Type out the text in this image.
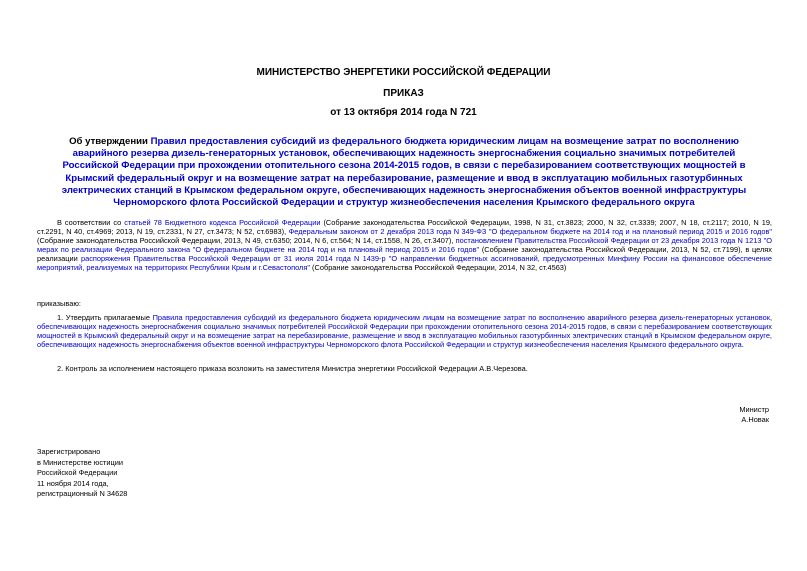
МИНИСТЕРСТВО ЭНЕРГЕТИКИ РОССИЙСКОЙ ФЕДЕРАЦИИ
ПРИКАЗ
от 13 октября 2014 года N 721
Об утверждении Правил предоставления субсидий из федерального бюджета юридическим лицам на возмещение затрат по восполнению аварийного резерва дизель-генераторных установок, обеспечивающих надежность энергоснабжения социально значимых потребителей Российской Федерации при прохождении отопительного сезона 2014-2015 годов, в связи с перебазированием соответствующих мощностей в Крымский федеральный округ и на возмещение затрат на перебазирование, размещение и ввод в эксплуатацию мобильных газотурбинных электрических станций в Крымском федеральном округе, обеспечивающих надежность энергоснабжения объектов военной инфраструктуры Черноморского флота Российской Федерации и структур жизнеобеспечения населения Крымского федерального округа
В соответствии со статьей 78 Бюджетного кодекса Российской Федерации (Собрание законодательства Российской Федерации, 1998, N 31, ст.3823; 2000, N 32, ст.3339; 2007, N 18, ст.2117; 2010, N 19, ст.2291, N 40, ст.4969; 2013, N 19, ст.2331, N 27, ст.3473; N 52, ст.6983), Федеральным законом от 2 декабря 2013 года N 349-ФЗ "О федеральном бюджете на 2014 год и на плановый период 2015 и 2016 годов" (Собрание законодательства Российской Федерации, 2013, N 49, ст.6350; 2014, N 6, ст.564; N 14, ст.1558, N 26, ст.3407), постановлением Правительства Российской Федерации от 23 декабря 2013 года N 1213 "О мерах по реализации Федерального закона "О федеральном бюджете на 2014 год и на плановый период 2015 и 2016 годов" (Собрание законодательства Российской Федерации, 2013, N 52, ст.7199), в целях реализации распоряжения Правительства Российской Федерации от 31 июля 2014 года N 1439-р "О направлении бюджетных ассигнований, предусмотренных Минфину России на финансовое обеспечение мероприятий, реализуемых на территориях Республики Крым и г.Севастополя" (Собрание законодательства Российской Федерации, 2014, N 32, ст.4563)
приказываю:
1. Утвердить прилагаемые Правила предоставления субсидий из федерального бюджета юридическим лицам на возмещение затрат по восполнению аварийного резерва дизель-генераторных установок, обеспечивающих надежность энергоснабжения социально значимых потребителей Российской Федерации при прохождении отопительного сезона 2014-2015 годов, в связи с перебазированием соответствующих мощностей в Крымский федеральный округ и на возмещение затрат на перебазирование, размещение и ввод в эксплуатацию мобильных газотурбинных электрических станций в Крымском федеральном округе, обеспечивающих надежность энергоснабжения объектов военной инфраструктуры Черноморского флота Российской Федерации и структур жизнеобеспечения населения Крымского федерального округа.
2. Контроль за исполнением настоящего приказа возложить на заместителя Министра энергетики Российской Федерации А.В.Черезова.
Министр
А.Новак
Зарегистрировано
в Министерстве юстиции
Российской Федерации
11 ноября 2014 года,
регистрационный N 34628
